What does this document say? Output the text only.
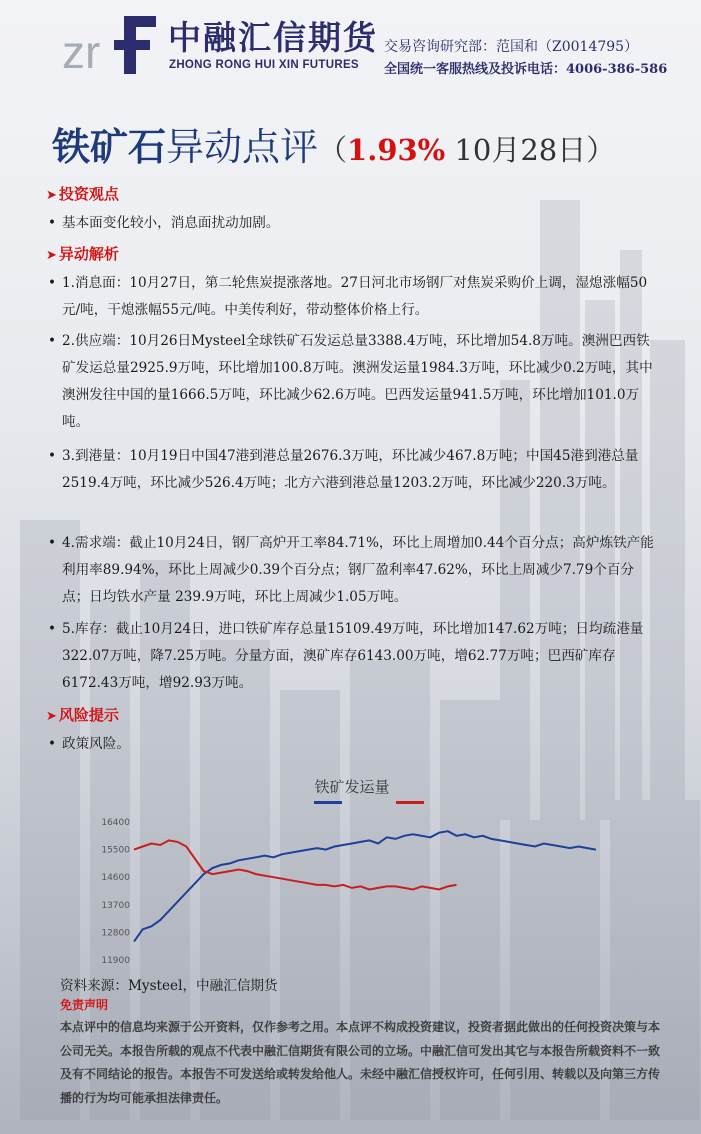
zr 中融汇信期货
ZHONG RONG HUI XIN FUTURES
交易咨询研究部：范国和（Z0014795）
全国统一客服热线及投诉电话：4006-386-586
铁矿石异动点评（1.93% 10月28日）
➤ 投资观点
• 基本面变化较小，消息面扰动加剧。
➤ 异动解析
• 1.消息面：10月27日，第二轮焦炭提涨落地。27日河北市场钢厂对焦炭采购价上调，湿熄涨幅50元/吨，干熄涨幅55元/吨。中美传利好，带动整体价格上行。
• 2.供应端：10月26日Mysteel全球铁矿石发运总量3388.4万吨，环比增加54.8万吨。澳洲巴西铁矿发运总量2925.9万吨，环比增加100.8万吨。澳洲发运量1984.3万吨，环比减少0.2万吨，其中澳洲发往中国的量1666.5万吨，环比减少62.6万吨。巴西发运量941.5万吨，环比增加101.0万吨。
• 3.到港量：10月19日中国47港到港总量2676.3万吨，环比减少467.8万吨；中国45港到港总量2519.4万吨，环比减少526.4万吨；北方六港到港总量1203.2万吨，环比减少220.3万吨。
• 4.需求端：截止10月24日，钢厂高炉开工率84.71%，环比上周增加0.44个百分点；高炉炼铁产能利用率89.94%，环比上周减少0.39个百分点；钢厂盈利率47.62%，环比上周减少7.79个百分点；日均铁水产量 239.9万吨，环比上周减少1.05万吨。
• 5.库存：截止10月24日，进口铁矿库存总量15109.49万吨，环比增加147.62万吨；日均疏港量322.07万吨，降7.25万吨。分量方面，澳矿库存6143.00万吨，增62.77万吨；巴西矿库存6172.43万吨，增92.93万吨。
➤ 风险提示
• 政策风险。
铁矿发运量
16400
15500
14600
13700
12800
11900
资料来源：Mysteel，中融汇信期货
免责声明
本点评中的信息均来源于公开资料，仅作参考之用。本点评不构成投资建议，投资者据此做出的任何投资决策与本公司无关。本报告所载的观点不代表中融汇信期货有限公司的立场。中融汇信可发出其它与本报告所载资料不一致及有不同结论的报告。本报告不可发送给或转发给他人。未经中融汇信授权许可，任何引用、转载以及向第三方传播的行为均可能承担法律责任。
